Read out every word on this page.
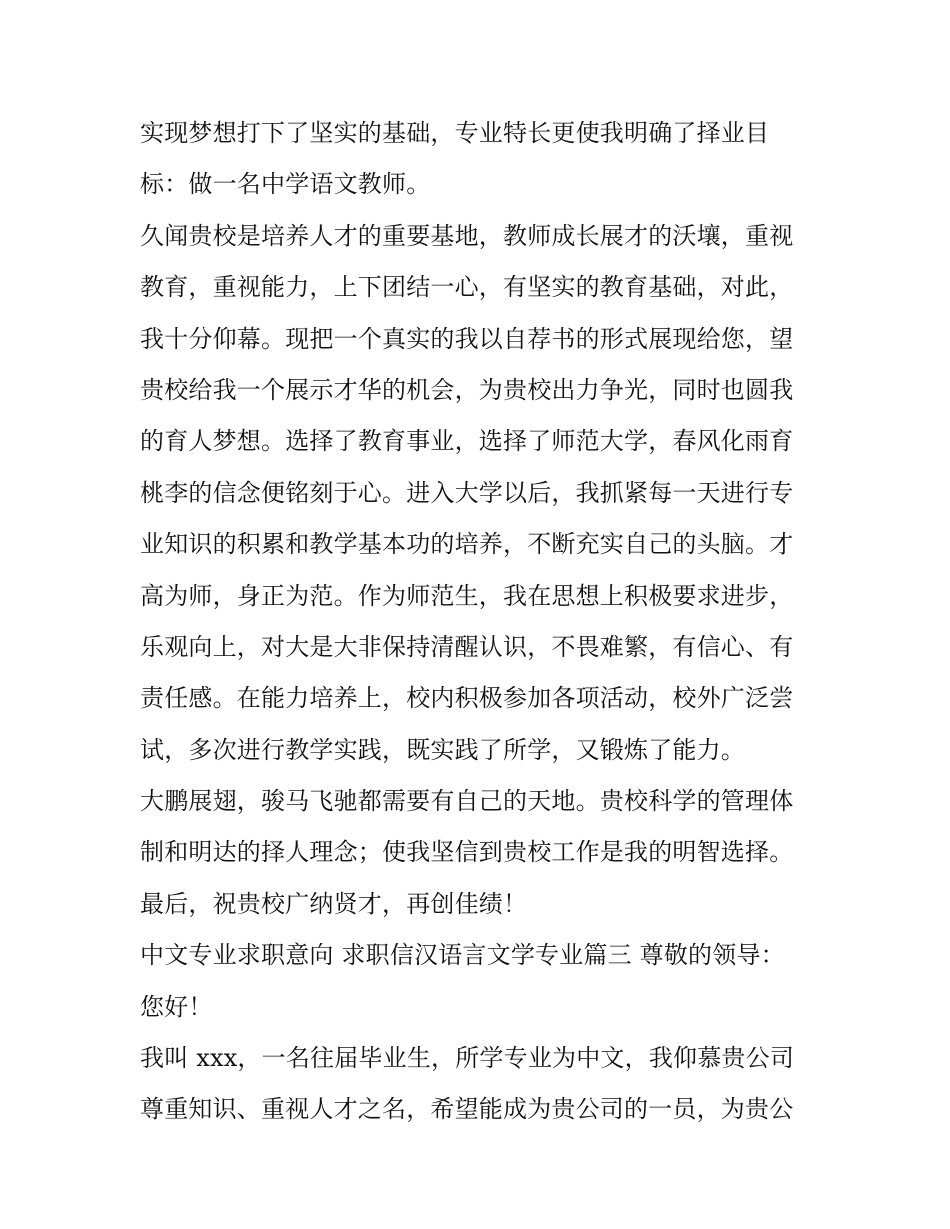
实现梦想打下了坚实的基础，专业特长更使我明确了择业目
标：做一名中学语文教师。
久闻贵校是培养人才的重要基地，教师成长展才的沃壤，重视
教育，重视能力，上下团结一心，有坚实的教育基础，对此，
我十分仰幕。现把一个真实的我以自荐书的形式展现给您，望
贵校给我一个展示才华的机会，为贵校出力争光，同时也圆我
的育人梦想。选择了教育事业，选择了师范大学，春风化雨育
桃李的信念便铭刻于心。进入大学以后，我抓紧每一天进行专
业知识的积累和教学基本功的培养，不断充实自己的头脑。才
高为师，身正为范。作为师范生，我在思想上积极要求进步，
乐观向上，对大是大非保持清醒认识，不畏难繁，有信心、有
责任感。在能力培养上，校内积极参加各项活动，校外广泛尝
试，多次进行教学实践，既实践了所学，又锻炼了能力。
大鹏展翅，骏马飞驰都需要有自己的天地。贵校科学的管理体
制和明达的择人理念；使我坚信到贵校工作是我的明智选择。
最后，祝贵校广纳贤才，再创佳绩！
中文专业求职意向 求职信汉语言文学专业篇三 尊敬的领导：
您好！
我叫 xxx，一名往届毕业生，所学专业为中文，我仰慕贵公司
尊重知识、重视人才之名，希望能成为贵公司的一员，为贵公
